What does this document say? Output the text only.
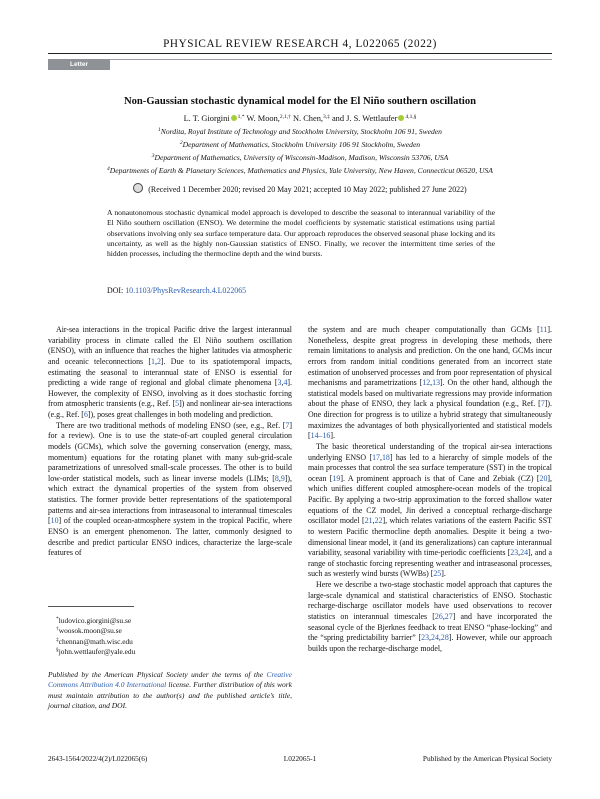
PHYSICAL REVIEW RESEARCH 4, L022065 (2022)
Letter
Non-Gaussian stochastic dynamical model for the El Niño southern oscillation
L. T. Giorgini $^{1,*}$ W. Moon,$^{2,1,\dagger}$ N. Chen,$^{3,\ddagger}$ and J. S. Wettlaufer $^{4,1,\S}$
$^1$Nordita, Royal Institute of Technology and Stockholm University, Stockholm 106 91, Sweden
$^2$Department of Mathematics, Stockholm University 106 91 Stockholm, Sweden
$^3$Department of Mathematics, University of Wisconsin-Madison, Madison, Wisconsin 53706, USA
$^4$Departments of Earth & Planetary Sciences, Mathematics and Physics, Yale University, New Haven, Connecticut 06520, USA
(Received 1 December 2020; revised 20 May 2021; accepted 10 May 2022; published 27 June 2022)
A nonautonomous stochastic dynamical model approach is developed to describe the seasonal to interannual variability of the El Niño southern oscillation (ENSO). We determine the model coefficients by systematic statistical estimations using partial observations involving only sea surface temperature data. Our approach reproduces the observed seasonal phase locking and its uncertainty, as well as the highly non-Gaussian statistics of ENSO. Finally, we recover the intermittent time series of the hidden processes, including the thermocline depth and the wind bursts.
DOI: 10.1103/PhysRevResearch.4.L022065

Air-sea interactions in the tropical Pacific drive the largest interannual variability process in climate called the El Niño southern oscillation (ENSO), with an influence that reaches the higher latitudes via atmospheric and oceanic teleconnections [1,2]. Due to its spatiotemporal impacts, estimating the seasonal to interannual state of ENSO is essential for predicting a wide range of regional and global climate phenomena [3,4]. However, the complexity of ENSO, involving as it does stochastic forcing from atmospheric transients (e.g., Ref. [5]) and nonlinear air-sea interactions (e.g., Ref. [6]), poses great challenges in both modeling and prediction.

There are two traditional methods of modeling ENSO (see, e.g., Ref. [7] for a review). One is to use the state-of-art coupled general circulation models (GCMs), which solve the governing conservation (energy, mass, momentum) equations for the rotating planet with many sub-grid-scale parametrizations of unresolved small-scale processes. The other is to build low-order statistical models, such as linear inverse models (LIMs; [8,9]), which extract the dynamical properties of the system from observed statistics. The former provide better representations of the spatiotemporal patterns and air-sea interactions from intraseasonal to interannual timescales [10] of the coupled ocean-atmosphere system in the tropical Pacific, where ENSO is an emergent phenomenon. The latter, commonly designed to describe and predict particular ENSO indices, characterize the large-scale features of

the system and are much cheaper computationally than GCMs [11]. Nonetheless, despite great progress in developing these methods, there remain limitations to analysis and prediction. On the one hand, GCMs incur errors from random initial conditions generated from an incorrect state estimation of unobserved processes and from poor representation of physical mechanisms and parametrizations [12,13]. On the other hand, although the statistical models based on multivariate regressions may provide information about the phase of ENSO, they lack a physical foundation (e.g., Ref. [7]). One direction for progress is to utilize a hybrid strategy that simultaneously maximizes the advantages of both physicallyoriented and statistical models [14–16].

The basic theoretical understanding of the tropical air-sea interactions underlying ENSO [17,18] has led to a hierarchy of simple models of the main processes that control the sea surface temperature (SST) in the tropical ocean [19]. A prominent approach is that of Cane and Zebiak (CZ) [20], which unifies different coupled atmosphere-ocean models of the tropical Pacific. By applying a two-strip approximation to the forced shallow water equations of the CZ model, Jin derived a conceptual recharge-discharge oscillator model [21,22], which relates variations of the eastern Pacific SST to western Pacific thermocline depth anomalies. Despite it being a two-dimensional linear model, it (and its generalizations) can capture interannual variability, seasonal variability with time-periodic coefficients [23,24], and a range of stochastic forcing representing weather and intraseasonal processes, such as westerly wind bursts (WWBs) [25].

Here we describe a two-stage stochastic model approach that captures the large-scale dynamical and statistical characteristics of ENSO. Stochastic recharge-discharge oscillator models have used observations to recover statistics on interannual timescales [26,27] and have incorporated the seasonal cycle of the Bjerknes feedback to treat ENSO “phase-locking” and the “spring predictability barrier” [23,24,28]. However, while our approach builds upon the recharge-discharge model,

*ludovico.giorgini@su.se
†woosok.moon@su.se
‡chennan@math.wisc.edu
§john.wettlaufer@yale.edu
Published by the American Physical Society under the terms of the Creative Commons Attribution 4.0 International license. Further distribution of this work must maintain attribution to the author(s) and the published article’s title, journal citation, and DOI.
2643-1564/2022/4(2)/L022065(6)	L022065-1	Published by the American Physical Society
